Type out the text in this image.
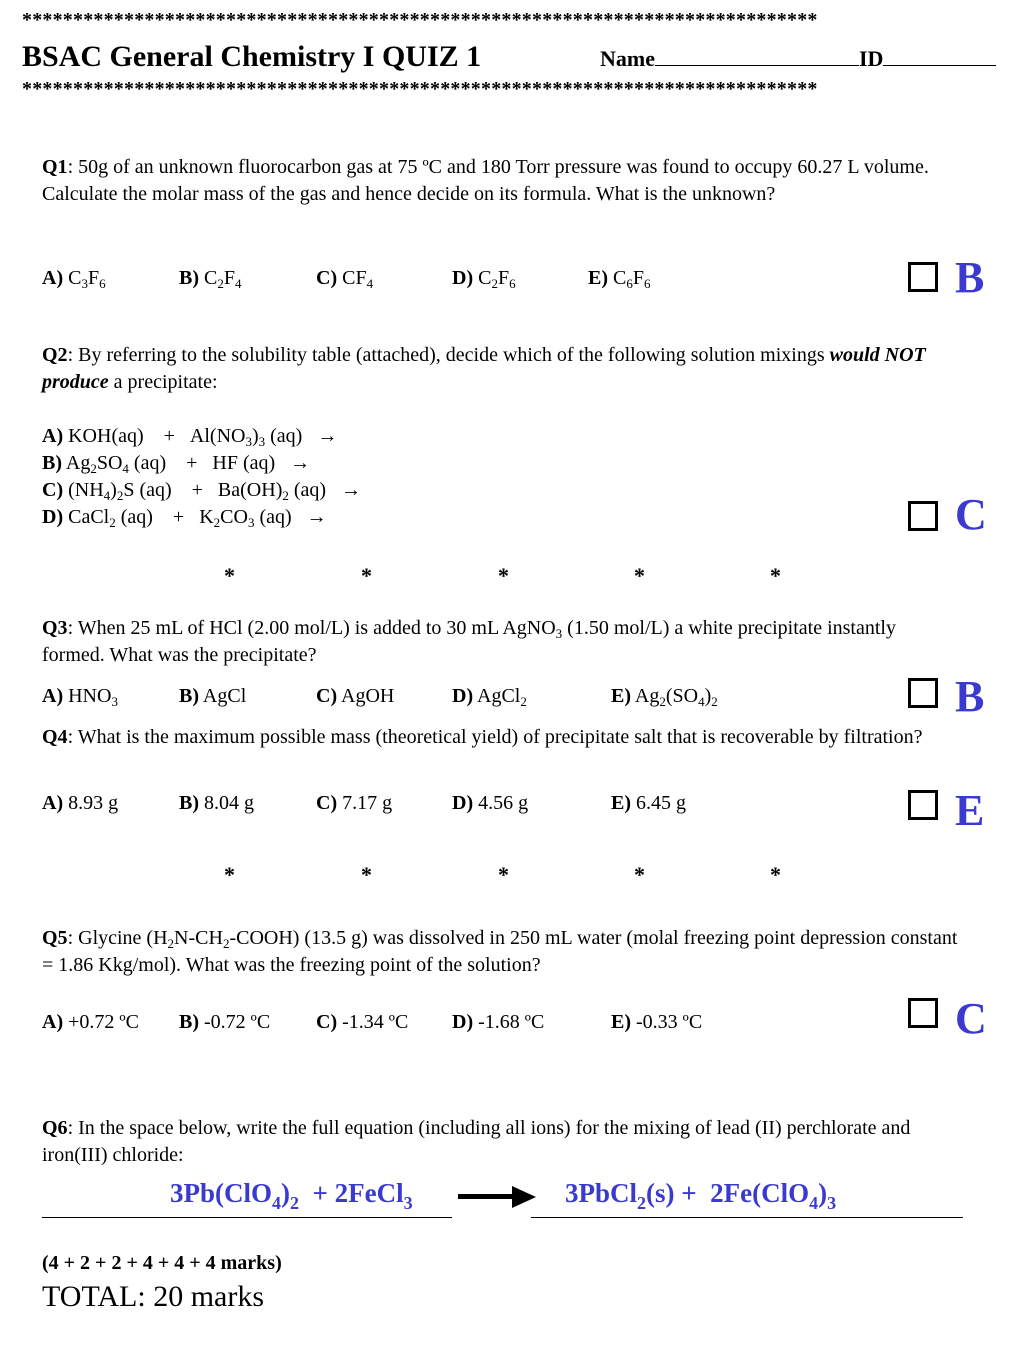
******************************************************************************
BSAC General Chemistry I QUIZ 1	Name	ID
******************************************************************************
Q1: 50g of an unknown fluorocarbon gas at 75 ºC and 180 Torr pressure was found to occupy 60.27 L volume. Calculate the molar mass of the gas and hence decide on its formula. What is the unknown?
A) $C_3F_6$	B) $C_2F_4$	C) $CF_4$	D) $C_2F_6$	E) $C_6F_6$	B
Q2: By referring to the solubility table (attached), decide which of the following solution mixings would NOT produce a precipitate:
A) KOH(aq)    +   $Al(NO_3)_3$ (aq)   →
B) $Ag_2SO_4$ (aq)    +   HF (aq)   →
C) $(NH_4)_2S$ (aq)    +   $Ba(OH)_2$ (aq)   →
D) CaCl$_2$ (aq)    +   $K_2CO_3$ (aq)   →	C
*	*	*	*	*
Q3: When 25 mL of HCl (2.00 mol/L) is added to 30 mL AgNO$_3$ (1.50 mol/L) a white precipitate instantly formed. What was the precipitate?
A) $HNO_3$	B) AgCl	C) AgOH	D) AgCl$_2$	E) $Ag_2(SO_4)_2$	B
Q4: What is the maximum possible mass (theoretical yield) of precipitate salt that is recoverable by filtration?
A) 8.93 g	B) 8.04 g	C) 7.17 g	D) 4.56 g	E) 6.45 g	E
*	*	*	*	*
Q5: Glycine $(H_2N-CH_2-COOH)$ (13.5 g) was dissolved in 250 mL water (molal freezing point depression constant = 1.86 Kkg/mol). What was the freezing point of the solution?
A) +0.72 ºC B) -0.72 ºC C) -1.34 ºC D) -1.68 ºC	E) -0.33 ºC	C
Q6: In the space below, write the full equation (including all ions) for the mixing of lead (II) perchlorate and iron(III) chloride:
$3Pb(ClO_4)_2$  + 2FeCl$_3$	3PbCl$_2$(s) +  $2Fe(ClO_4)_3$
(4 + 2 + 2 + 4 + 4 + 4 marks)
TOTAL: 20 marks
